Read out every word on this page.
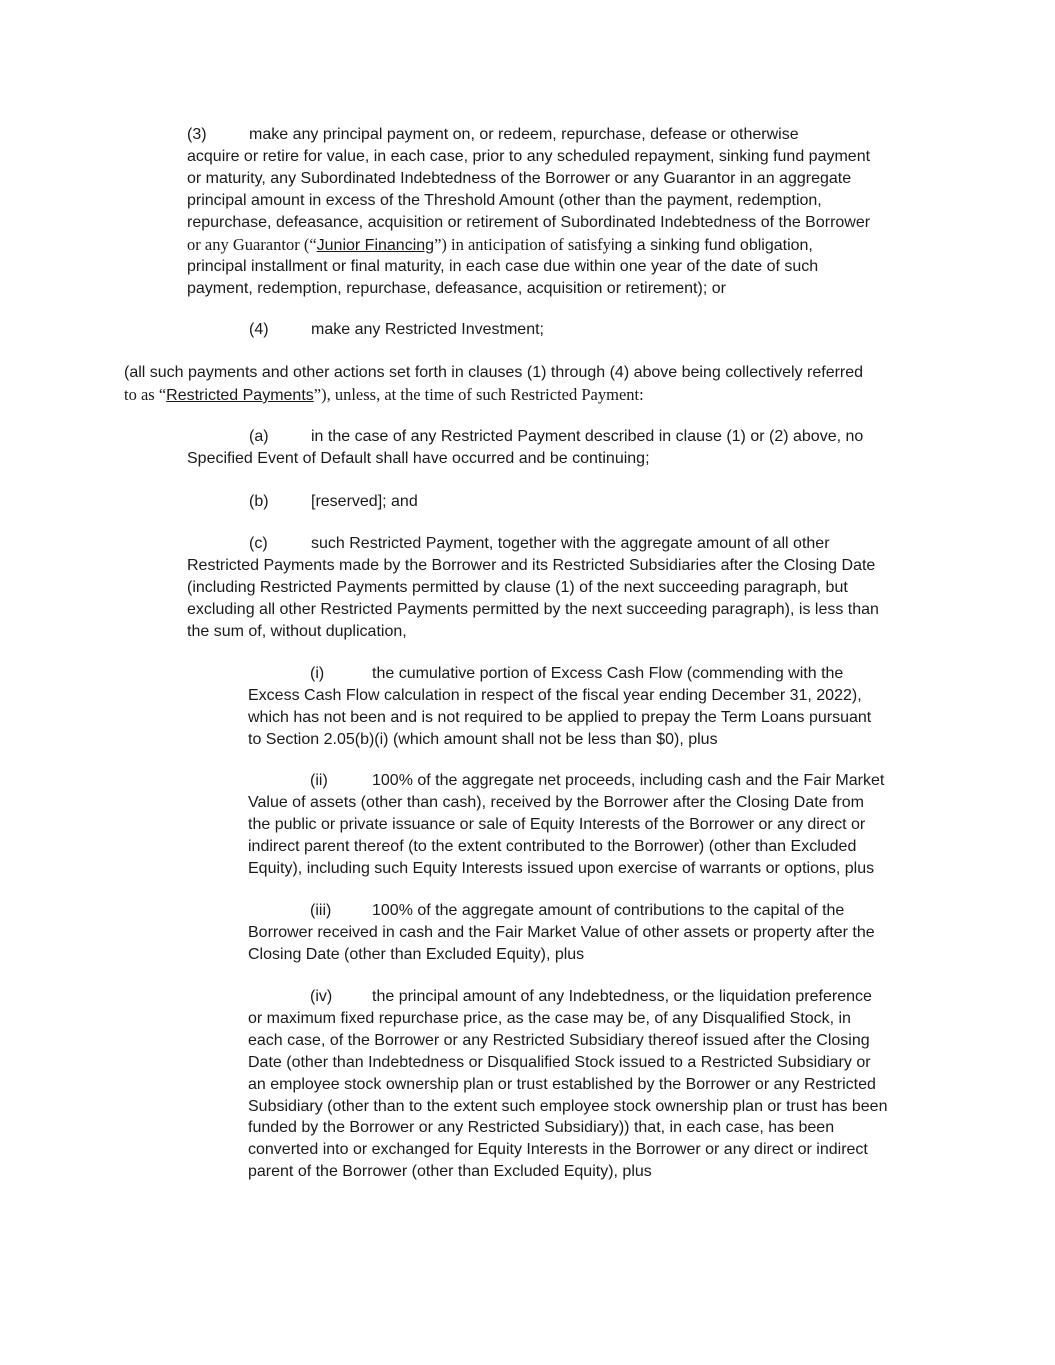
(3)	make any principal payment on, or redeem, repurchase, defease or otherwise
acquire or retire for value, in each case, prior to any scheduled repayment, sinking fund payment
or maturity, any Subordinated Indebtedness of the Borrower or any Guarantor in an aggregate
principal amount in excess of the Threshold Amount (other than the payment, redemption,
repurchase, defeasance, acquisition or retirement of Subordinated Indebtedness of the Borrower
or any Guarantor (“Junior Financing”) in anticipation of satisfying a sinking fund obligation,
principal installment or final maturity, in each case due within one year of the date of such
payment, redemption, repurchase, defeasance, acquisition or retirement); or
(4)	make any Restricted Investment;
(all such payments and other actions set forth in clauses (1) through (4) above being collectively referred
to as “Restricted Payments”), unless, at the time of such Restricted Payment:
(a)	in the case of any Restricted Payment described in clause (1) or (2) above, no
Specified Event of Default shall have occurred and be continuing;
(b)	[reserved]; and
(c)	such Restricted Payment, together with the aggregate amount of all other
Restricted Payments made by the Borrower and its Restricted Subsidiaries after the Closing Date
(including Restricted Payments permitted by clause (1) of the next succeeding paragraph, but
excluding all other Restricted Payments permitted by the next succeeding paragraph), is less than
the sum of, without duplication,
(i)	the cumulative portion of Excess Cash Flow (commending with the
Excess Cash Flow calculation in respect of the fiscal year ending December 31, 2022),
which has not been and is not required to be applied to prepay the Term Loans pursuant
to Section 2.05(b)(i) (which amount shall not be less than $0), plus
(ii)	100% of the aggregate net proceeds, including cash and the Fair Market
Value of assets (other than cash), received by the Borrower after the Closing Date from
the public or private issuance or sale of Equity Interests of the Borrower or any direct or
indirect parent thereof (to the extent contributed to the Borrower) (other than Excluded
Equity), including such Equity Interests issued upon exercise of warrants or options, plus
(iii)	100% of the aggregate amount of contributions to the capital of the
Borrower received in cash and the Fair Market Value of other assets or property after the
Closing Date (other than Excluded Equity), plus
(iv) the principal amount of any Indebtedness, or the liquidation preference
or maximum fixed repurchase price, as the case may be, of any Disqualified Stock, in
each case, of the Borrower or any Restricted Subsidiary thereof issued after the Closing
Date (other than Indebtedness or Disqualified Stock issued to a Restricted Subsidiary or
an employee stock ownership plan or trust established by the Borrower or any Restricted
Subsidiary (other than to the extent such employee stock ownership plan or trust has been
funded by the Borrower or any Restricted Subsidiary)) that, in each case, has been
converted into or exchanged for Equity Interests in the Borrower or any direct or indirect
parent of the Borrower (other than Excluded Equity), plus
